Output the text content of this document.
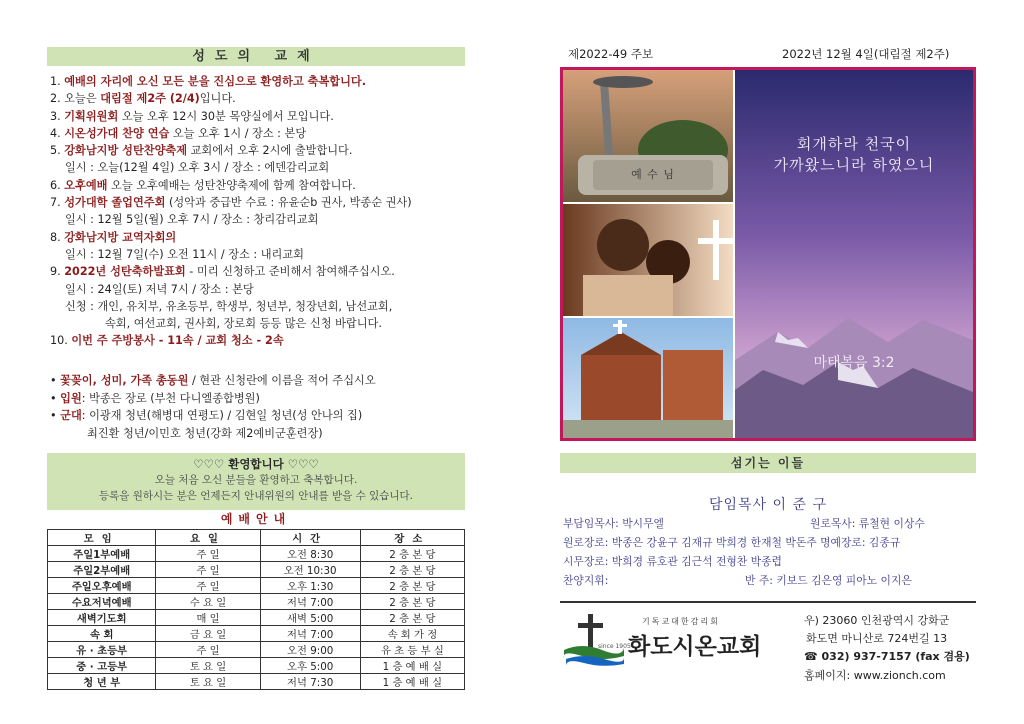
성도의 교제
1. 예배의 자리에 오신 모든 분을 진심으로 환영하고 축복합니다.
2. 오늘은 대림절 제2주 (2/4)입니다.
3. 기획위원회 오늘 오후 12시 30분 목양실에서 모입니다.
4. 시온성가대 찬양 연습 오늘 오후 1시 / 장소 : 본당
5. 강화남지방 성탄찬양축제 교회에서 오후 2시에 출발합니다.
일시 : 오늘(12월 4일) 오후 3시 / 장소 : 에덴감리교회
6. 오후예배 오늘 오후예배는 성탄찬양축제에 함께 참여합니다.
7. 성가대학 졸업연주회 (성악과 중급반 수료 : 유윤순b 권사, 박종순 권사)
일시 : 12월 5일(월) 오후 7시 / 장소 : 창리감리교회
8. 강화남지방 교역자회의
일시 : 12월 7일(수) 오전 11시 / 장소 : 내리교회
9. 2022년 성탄축하발표회 - 미리 신청하고 준비해서 참여해주십시오.
일시 : 24일(토) 저녁 7시 / 장소 : 본당
신청 : 개인, 유치부, 유초등부, 학생부, 청년부, 청장년회, 남선교회,
속회, 여선교회, 권사회, 장로회 등등 많은 신청 바랍니다.
10. 이번 주 주방봉사 - 11속 / 교회 청소 - 2속
• 꽃꽂이, 성미, 가족 총동원 / 현관 신청란에 이름을 적어 주십시오
• 입원: 박종은 장로 (부천 다니엘종합병원)
• 군대: 이광재 청년(해병대 연평도) / 김현일 청년(성 안나의 집)
최진환 청년/이민호 청년(강화 제2예비군훈련장)
♡♡♡ 환영합니다 ♡♡♡
오늘 처음 오신 분들을 환영하고 축복합니다.
등록을 원하시는 분은 언제든지 안내위원의 안내를 받을 수 있습니다.
예배안내
모임	요일	시간	장소
주일1부예배	주 일	오전 8:30	2 층 본 당
주일2부예배	주 일	오전 10:30	2 층 본 당
주일오후예배	주 일	오후 1:30	2 층 본 당
수요저녁예배	수 요 일	저녁 7:00	2 층 본 당
새벽기도회	매 일	새벽 5:00	2 층 본 당
속 회	금 요 일	저녁 7:00	속 회 가 정
유 · 초등부	주 일	오전 9:00	유 초 등 부 실
중 · 고등부	토 요 일	오후 5:00	1 층 예 배 실
청 년 부	토 요 일	저녁 7:30	1 층 예 배 실
제2022-49 주보	2022년 12월 4일(대림절 제2주)
회개하라 천국이
가까왔느니라 하였으니
마태복음 3:2
예 수 님
섬기는 이들
담임목사 이 준 구
부담임목사: 박시무엘	원로목사: 류철현 이상수
원로장로: 박종은 강윤구 김재규 박희경 한재철 박돈주 명예장로: 김종규
시무장로: 박희경 류호관 김근석 전형찬 박종렵
찬양지휘:	반 주: 키보드 김은영 피아노 이지은
since 1905
기독교대한감리회
화도시온교회
우) 23060 인천광역시 강화군
화도면 마니산로 724번길 13
☎ 032) 937-7157 (fax 겸용)
홈페이지: www.zionch.com
